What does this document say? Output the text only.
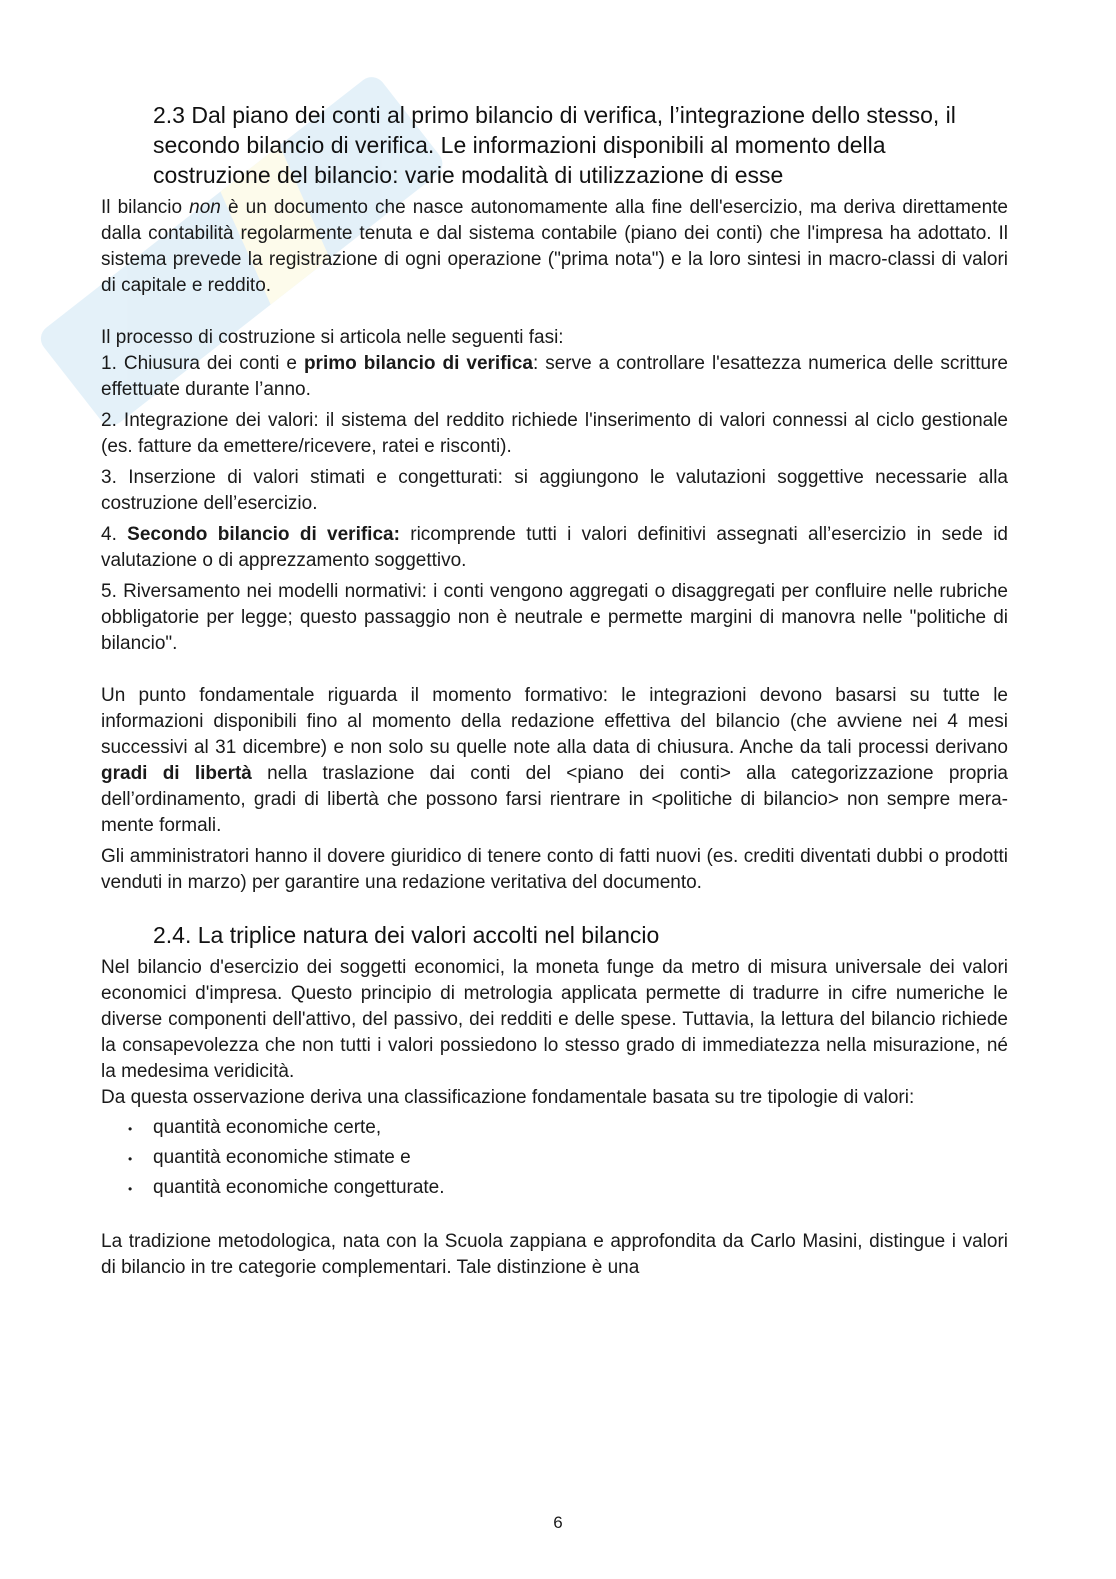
2.3 Dal piano dei conti al primo bilancio di verifica, l’integrazione dello stesso, il secondo bilancio di verifica. Le informazioni disponibili al momento della costruzione del bilancio: varie modalità di utilizzazione di esse

Il bilancio non è un documento che nasce autonomamente alla fine dell'esercizio, ma deriva direttamente dalla contabilità regolarmente tenuta e dal sistema contabile (piano dei conti) che l'impresa ha adottato. Il sistema prevede la registrazione di ogni operazione ("prima nota") e la loro sintesi in macro-classi di valori di capitale e reddito.

Il processo di costruzione si articola nelle seguenti fasi:

1. Chiusura dei conti e primo bilancio di verifica: serve a controllare l'esattezza numerica delle scritture effettuate durante l’anno.

2. Integrazione dei valori: il sistema del reddito richiede l'inserimento di valori connessi al ciclo gestionale (es. fatture da emettere/ricevere, ratei e risconti).

3. Inserzione di valori stimati e congetturati: si aggiungono le valutazioni soggettive necessarie alla costruzione dell’esercizio.

4. Secondo bilancio di verifica: ricomprende tutti i valori definitivi assegnati all’esercizio in sede id valutazione o di apprezzamento soggettivo.

5. Riversamento nei modelli normativi: i conti vengono aggregati o disaggregati per confluire nelle rubriche obbligatorie per legge; questo passaggio non è neutrale e permette margini di manovra nelle "politiche di bilancio".

Un punto fondamentale riguarda il momento formativo: le integrazioni devono basarsi su tutte le informazioni disponibili fino al momento della redazione effettiva del bilancio (che avviene nei 4 mesi successivi al 31 dicembre) e non solo su quelle note alla data di chiusura. Anche da tali processi derivano gradi di libertà nella traslazione dai conti del <piano dei conti> alla categorizzazione propria dell’ordinamento, gradi di libertà che possono farsi rientrare in <politiche di bilancio> non sempre mera- mente formali.

Gli amministratori hanno il dovere giuridico di tenere conto di fatti nuovi (es. crediti diventati dubbi o prodotti venduti in marzo) per garantire una redazione veritativa del documento.

2.4. La triplice natura dei valori accolti nel bilancio

Nel bilancio d'esercizio dei soggetti economici, la moneta funge da metro di misura universale dei valori economici d'impresa. Questo principio di metrologia applicata permette di tradurre in cifre numeriche le diverse componenti dell'attivo, del passivo, dei redditi e delle spese. Tuttavia, la lettura del bilancio richiede la consapevolezza che non tutti i valori possiedono lo stesso grado di immediatezza nella misurazione, né la medesima veridicità.

Da questa osservazione deriva una classificazione fondamentale basata su tre tipologie di valori:

• quantità economiche certe,
• quantità economiche stimate e
• quantità economiche congetturate.

La tradizione metodologica, nata con la Scuola zappiana e approfondita da Carlo Masini, distingue i valori di bilancio in tre categorie complementari. Tale distinzione è una

6
